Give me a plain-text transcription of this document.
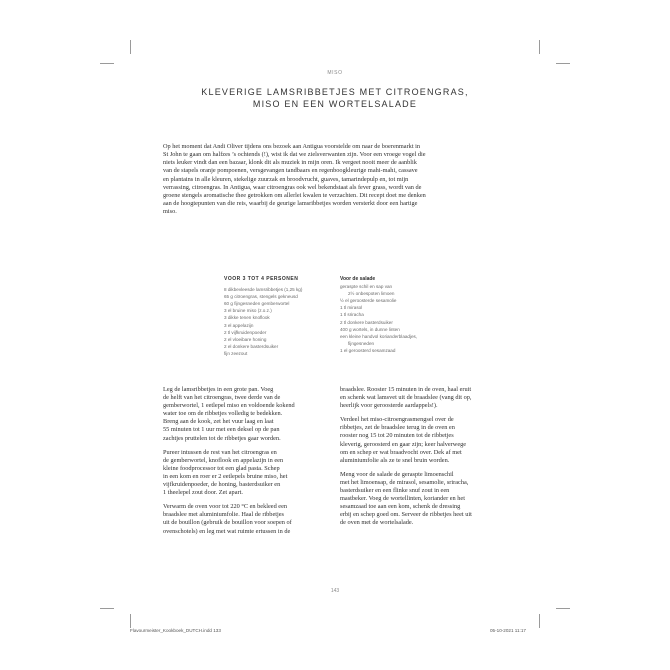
MISO
KLEVERIGE LAMSRIBBETJES MET CITROENGRAS,
MISO EN EEN WORTELSALADE
Op het moment dat Andi Oliver tijdens ons bezoek aan Antigua voorstelde om naar de boerenmarkt in
St John te gaan om halfzes ’s ochtends (!), wist ik dat we zielsverwanten zijn. Voor een vroege vogel die
niets leuker vindt dan een bazaar, klonk dit als muziek in mijn oren. Ik vergeet nooit meer de aanblik
van de stapels oranje pompoenen, versgevangen tandbaars en regenboogkleurige mahi-mahi, cassave
en plantains in alle kleuren, stekelige zuurzak en broodvrucht, guaves, tamarindepulp en, tot mijn
verrassing, citroengras. In Antigua, waar citroengras ook wel bekendstaat als fever grass, wordt van de
groene stengels aromatische thee getrokken om allerlei kwalen te verzachten. Dit recept doet me denken
aan de hoogtepunten van die reis, waarbij de geurige lamsribbetjes worden versterkt door een hartige
miso.
VOOR 3 TOT 4 PERSONEN
8 dikbevleesde lamsribbetjes (1,25 kg)
65 g citroengras, stengels gekneusd
60 g fijngesneden gemberwortel
3 el bruine miso (z.o.z.)
3 dikke tenen knoflook
3 el appelazijn
2 tl vijfkruidenpoeder
2 el vloeibare honing
2 el donkere basterdsuiker
fijn zeezout
Voor de salade
geraspte schil en sap van
2½ onbespoten limoen
½ el geroosterde sesamolie
1 tl mirasol
1 tl sriracha
2 tl donkere basterdsuiker
400 g wortels, in dunne linten
een kleine handvol korianderblaadjes,
fijngesneden
1 el geroosterd sesamzaad

Leg de lamsribbetjes in een grote pan. Voeg
de helft van het citroengras, twee derde van de
gemberwortel, 1 eetlepel miso en voldoende kokend
water toe om de ribbetjes volledig te bedekken.
Breng aan de kook, zet het vuur laag en laat
55 minuten tot 1 uur met een deksel op de pan
zachtjes pruttelen tot de ribbetjes gaar worden.

Pureer intussen de rest van het citroengras en
de gemberwortel, knoflook en appelazijn in een
kleine foodprocessor tot een glad pasta. Schep
in een kom en roer er 2 eetlepels bruine miso, het
vijfkruidenpoeder, de honing, basterdsuiker en
1 theelepel zout door. Zet apart.

Verwarm de oven voor tot 220 °C en bekleed een
braadslee met aluminiumfolie. Haal de ribbetjes
uit de bouillon (gebruik de bouillon voor soepen of
ovenschotels) en leg met wat ruimte ertussen in de

braadslee. Rooster 15 minuten in de oven, haal eruit
en schenk wat lamsvet uit de braadslee (vang dit op,
heerlijk voor geroosterde aardappels!).

Verdeel het miso-citroengrasmengsel over de
ribbetjes, zet de braadslee terug in de oven en
rooster nog 15 tot 20 minuten tot de ribbetjes
kleverig, geroosterd en gaar zijn; keer halverwege
om en schep er wat braadvocht over. Dek af met
aluminiumfolie als ze te snel bruin worden.

Meng voor de salade de geraspte limoenschil
met het limoensap, de mirasol, sesamolie, sriracha,
basterdsuiker en een flinke snuf zout in een
mastbeker. Voeg de wortellinten, koriander en het
sesamzaad toe aan een kom, schenk de dressing
erbij en schep goed om. Serveer de ribbetjes heet uit
de oven met de wortelsalade.

143
Flavourmeister_Kookboek_DUTCH.indd 133	05-10-2021 11:17
